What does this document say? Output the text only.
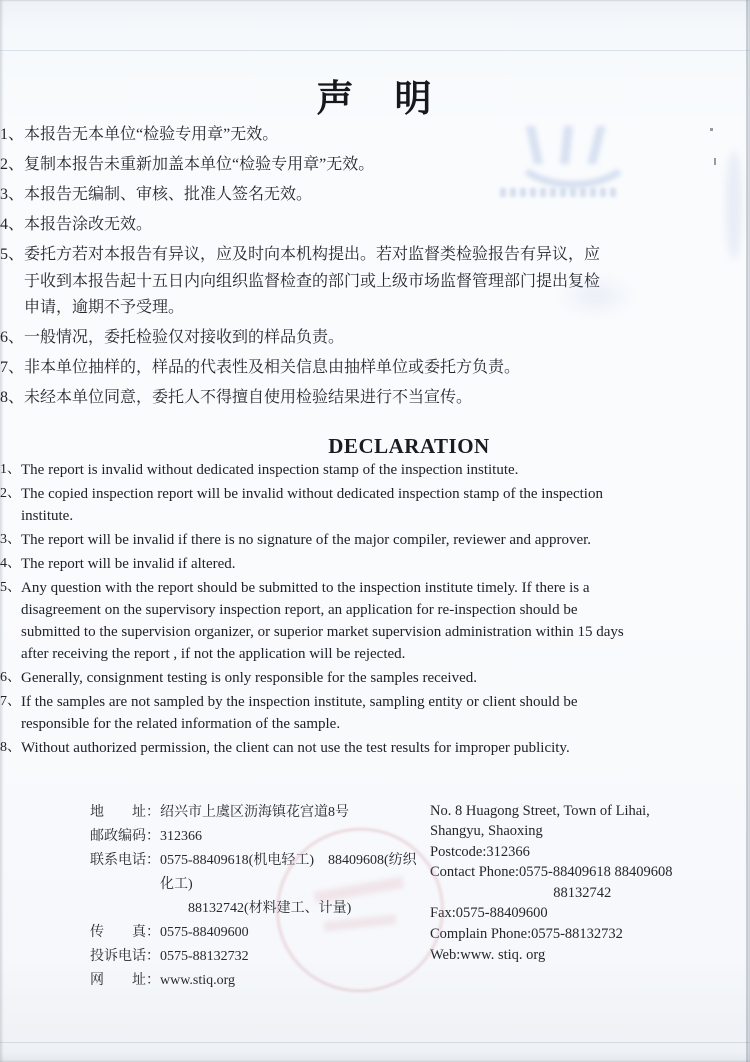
声　明
1、 本报告无本单位“检验专用章”无效。
2、 复制本报告未重新加盖本单位“检验专用章”无效。
3、 本报告无编制、审核、批准人签名无效。
4、 本报告涂改无效。
5、 委托方若对本报告有异议，应及时向本机构提出。若对监督类检验报告有异议，应于收到本报告起十五日内向组织监督检查的部门或上级市场监督管理部门提出复检申请，逾期不予受理。
6、 一般情况，委托检验仅对接收到的样品负责。
7、 非本单位抽样的，样品的代表性及相关信息由抽样单位或委托方负责。
8、 未经本单位同意，委托人不得擅自使用检验结果进行不当宣传。
DECLARATION
1、 The report is invalid without dedicated inspection stamp of the inspection institute.
2、 The copied inspection report will be invalid without dedicated inspection stamp of the inspection institute.
3、 The report will be invalid if there is no signature of the major compiler, reviewer and approver.
4、 The report will be invalid if altered.
5、 Any question with the report should be submitted to the inspection institute timely. If there is a disagreement on the supervisory inspection report, an application for re-inspection should be submitted to the supervision organizer, or superior market supervision administration within 15 days after receiving the report , if not the application will be rejected.
6、 Generally, consignment testing is only responsible for the samples received.
7、 If the samples are not sampled by the inspection institute, sampling entity or client should be responsible for the related information of the sample.
8、 Without authorized permission, the client can not use the test results for improper publicity.
地　　址： 绍兴市上虞区沥海镇花宫道8号
邮政编码： 312366
联系电话： 0575-88409618(机电轻工)　88409608(纺织化工)
　　88132742(材料建工、计量)
传　　真： 0575-88409600
投诉电话： 0575-88132732
网　　址： www.stiq.org
No. 8 Huagong Street, Town of Lihai,
Shangyu, Shaoxing
Postcode:312366
Contact Phone:0575-88409618 88409608
88132742
Fax:0575-88409600
Complain Phone:0575-88132732
Web:www. stiq. org
